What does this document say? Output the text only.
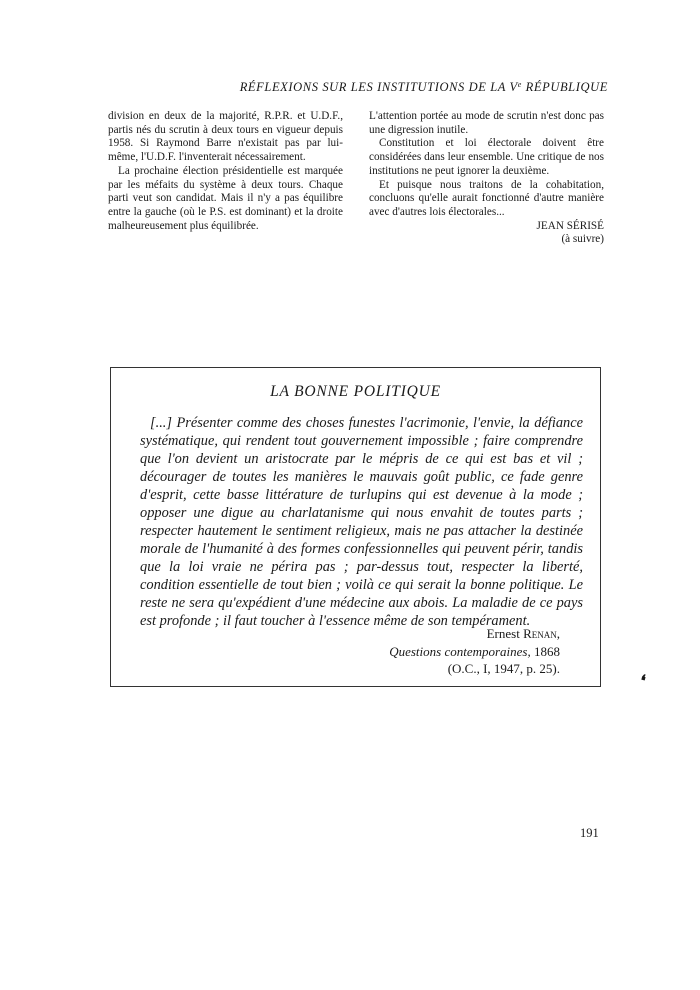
RÉFLEXIONS SUR LES INSTITUTIONS DE LA Ve RÉPUBLIQUE

division en deux de la majorité, R.P.R. et U.D.F., partis nés du scrutin à deux tours en vigueur depuis 1958. Si Raymond Barre n'existait pas par lui-même, l'U.D.F. l'inventerait nécessairement.

La prochaine élection présidentielle est marquée par les méfaits du système à deux tours. Chaque parti veut son candidat. Mais il n'y a pas équilibre entre la gauche (où le P.S. est dominant) et la droite malheureusement plus équilibrée.

L'attention portée au mode de scrutin n'est donc pas une digression inutile.

Constitution et loi électorale doivent être considérées dans leur ensemble. Une critique de nos institutions ne peut ignorer la deuxième.

Et puisque nous traitons de la cohabitation, concluons qu'elle aurait fonctionné d'autre manière avec d'autres lois électorales...

JEAN SÉRISÉ

(à suivre)

LA BONNE POLITIQUE

[...] Présenter comme des choses funestes l'acrimonie, l'envie, la défiance systématique, qui rendent tout gouvernement impossible ; faire comprendre que l'on devient un aristocrate par le mépris de ce qui est bas et vil ; décourager de toutes les manières le mauvais goût public, ce fade genre d'esprit, cette basse littérature de turlupins qui est devenue à la mode ; opposer une digue au charlatanisme qui nous envahit de toutes parts ; respecter hautement le sentiment religieux, mais ne pas attacher la destinée morale de l'humanité à des formes confessionnelles qui peuvent périr, tandis que la loi vraie ne périra pas ; par-dessus tout, respecter la liberté, condition essentielle de tout bien ; voilà ce qui serait la bonne politique. Le reste ne sera qu'expédient d'une médecine aux abois. La maladie de ce pays est profonde ; il faut toucher à l'essence même de son tempérament.

Ernest Renan,
Questions contemporaines, 1868
(O.C., I, 1947, p. 25).
❛
191
